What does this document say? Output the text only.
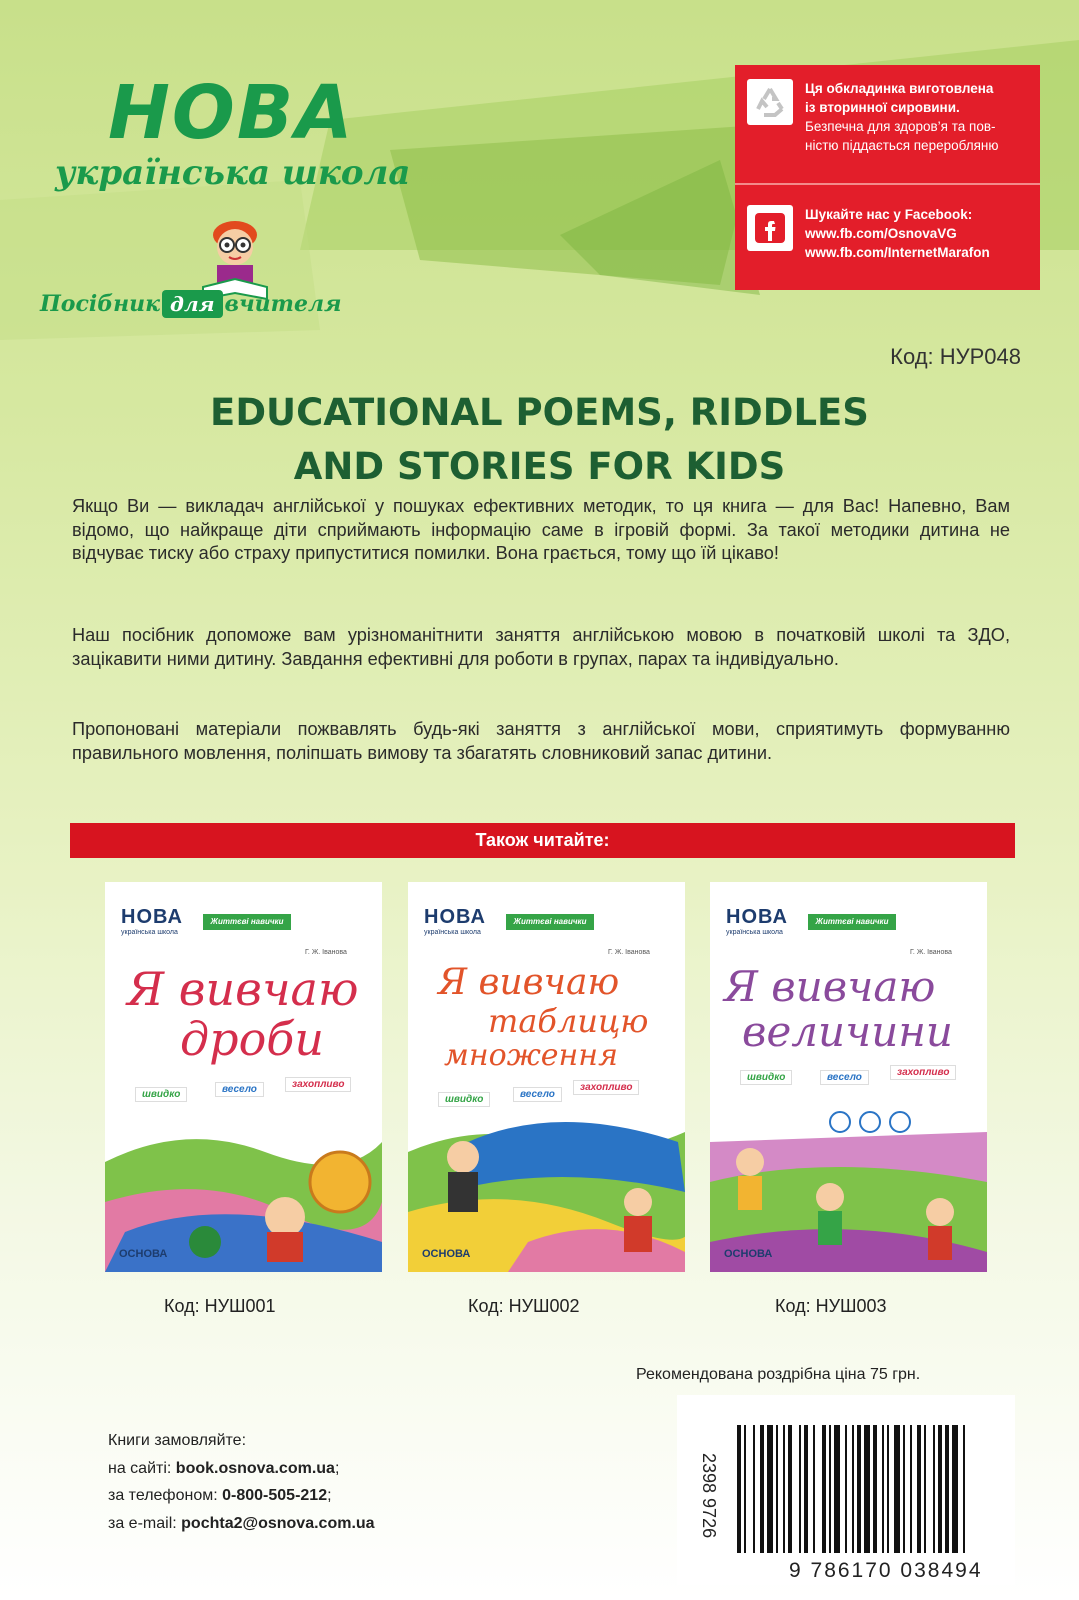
НОВА
українська школа
Посібник для вчителя
Ця обкладинка виготовлена
із вторинної сировини.
Безпечна для здоров’я та пов-
ністю піддається переробляню
Шукайте нас у Facebook:
www.fb.com/OsnovaVG
www.fb.com/InternetMarafon
Код: НУР048
EDUCATIONAL POEMS, RIDDLES
AND STORIES FOR KIDS
Якщо Ви — викладач англійської у пошуках ефективних методик, то ця книга — для Вас! Напевно, Вам відомо, що найкраще діти сприймають інформацію саме в ігровій формі. За такої методики дитина не відчуває тиску або страху припуститися помилки. Вона грається, тому що їй цікаво!
Наш посібник допоможе вам урізноманітнити заняття англійською мовою в початковій школі та ЗДО, зацікавити ними дитину. Завдання ефективні для роботи в групах, парах та індивідуально.
Пропоновані матеріали пожвавлять будь-які заняття з англійської мови, сприятимуть формуванню правильного мовлення, поліпшать вимову та збагатять словниковий запас дитини.
Також читайте:
НОВА
українська школа
Життєві навички
Г. Ж. Іванова
Я вивчаю
дроби
швидко	весело	захопливо
ОСНОВА
НОВА
українська школа
Життєві навички
Г. Ж. Іванова
Я вивчаю
таблицю
множення
швидко	весело
захопливо
ОСНОВА
НОВА
українська школа
Життєві навички
Г. Ж. Іванова
Я вивчаю
величини
швидко	весело	захопливо
ОСНОВА
Код: НУШ001	Код: НУШ002	Код: НУШ003
Рекомендована роздрібна ціна 75 грн.
2398 9726
9 786170 038494
Книги замовляйте:
на сайті: book.osnova.com.ua;
за телефоном: 0-800-505-212;
за e-mail: pochta2@osnova.com.ua
